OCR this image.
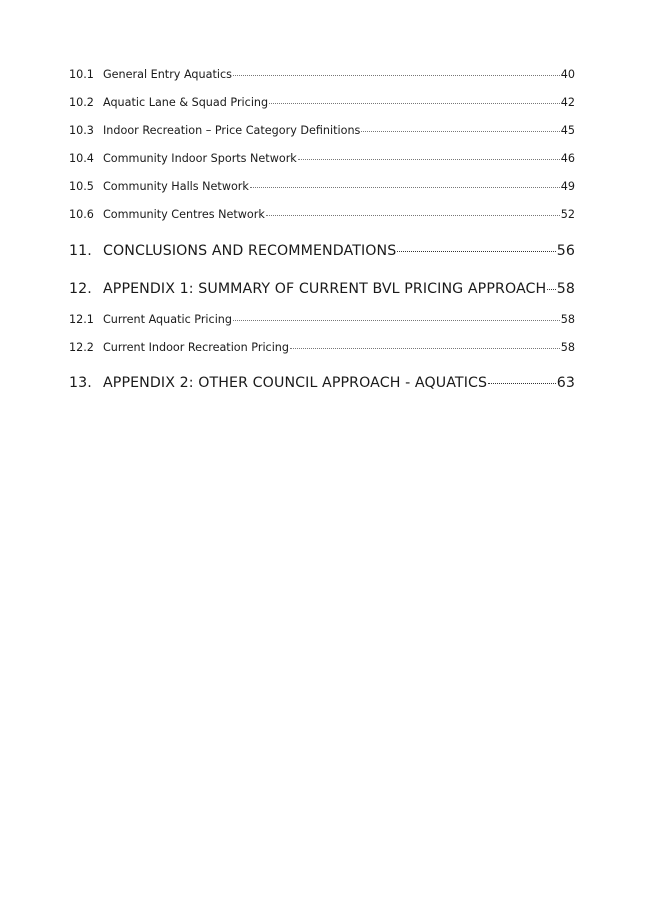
10.1 General Entry Aquatics	40
10.2 Aquatic Lane & Squad Pricing	42
10.3 Indoor Recreation – Price Category Definitions	45
10.4 Community Indoor Sports Network	46
10.5 Community Halls Network	49
10.6 Community Centres Network	52
11. CONCLUSIONS AND RECOMMENDATIONS	56
12. APPENDIX 1: SUMMARY OF CURRENT BVL PRICING APPROACH 58
12.1 Current Aquatic Pricing	58
12.2 Current Indoor Recreation Pricing	58
13. APPENDIX 2: OTHER COUNCIL APPROACH - AQUATICS	63
